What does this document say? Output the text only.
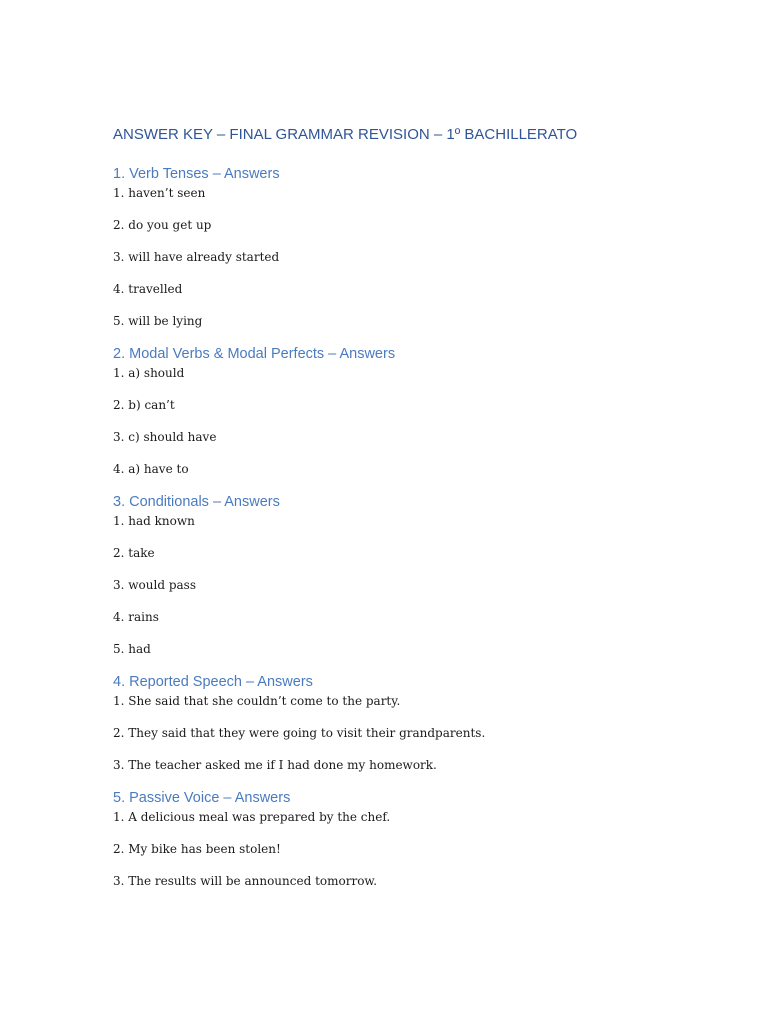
ANSWER KEY – FINAL GRAMMAR REVISION – 1º BACHILLERATO
1. Verb Tenses – Answers
1. haven’t seen
2. do you get up
3. will have already started
4. travelled
5. will be lying
2. Modal Verbs & Modal Perfects – Answers
1. a) should
2. b) can’t
3. c) should have
4. a) have to
3. Conditionals – Answers
1. had known
2. take
3. would pass
4. rains
5. had
4. Reported Speech – Answers
1. She said that she couldn’t come to the party.
2. They said that they were going to visit their grandparents.
3. The teacher asked me if I had done my homework.
5. Passive Voice – Answers
1. A delicious meal was prepared by the chef.
2. My bike has been stolen!
3. The results will be announced tomorrow.
